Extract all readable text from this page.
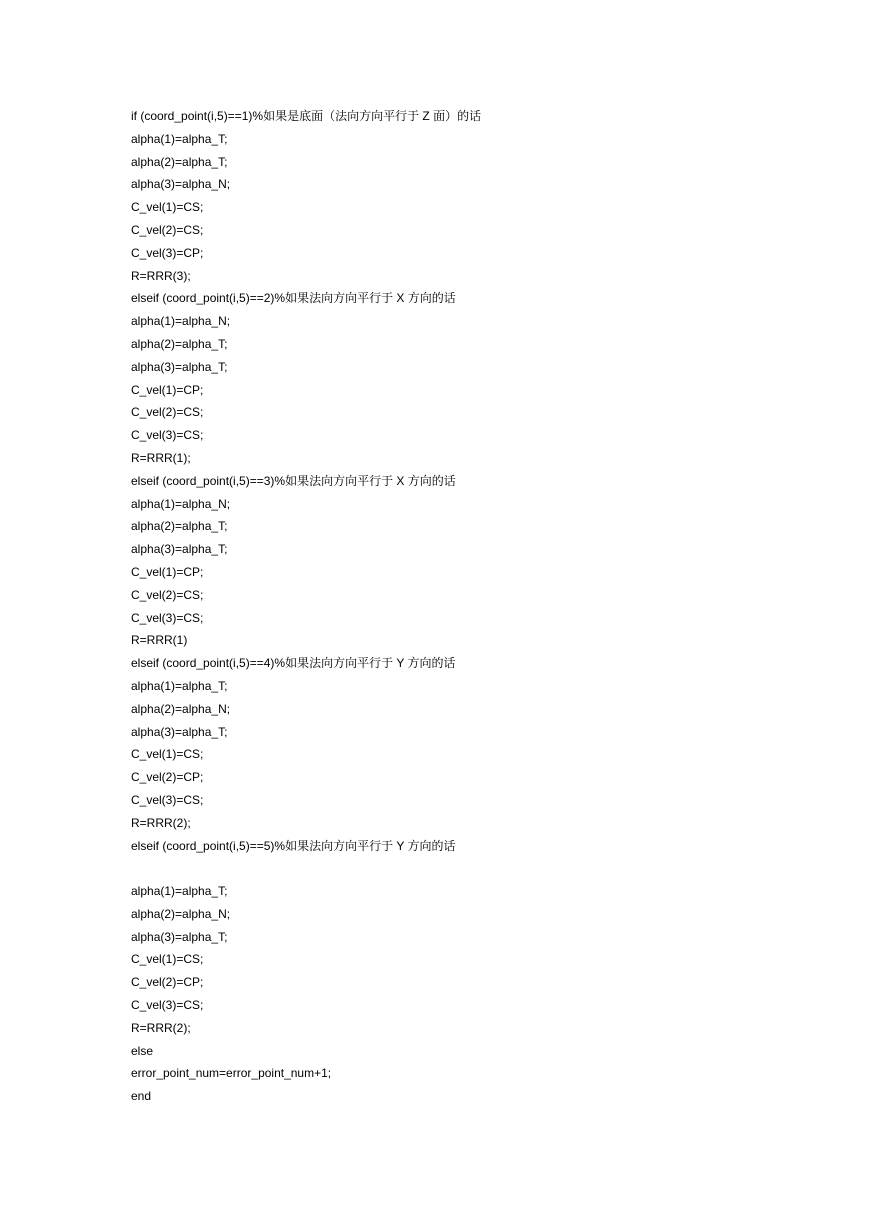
if (coord_point(i,5)==1)%如果是底面（法向方向平行于 Z 面）的话
alpha(1)=alpha_T;
alpha(2)=alpha_T;
alpha(3)=alpha_N;
C_vel(1)=CS;
C_vel(2)=CS;
C_vel(3)=CP;
R=RRR(3);
elseif (coord_point(i,5)==2)%如果法向方向平行于 X 方向的话
alpha(1)=alpha_N;
alpha(2)=alpha_T;
alpha(3)=alpha_T;
C_vel(1)=CP;
C_vel(2)=CS;
C_vel(3)=CS;
R=RRR(1);
elseif (coord_point(i,5)==3)%如果法向方向平行于 X 方向的话
alpha(1)=alpha_N;
alpha(2)=alpha_T;
alpha(3)=alpha_T;
C_vel(1)=CP;
C_vel(2)=CS;
C_vel(3)=CS;
R=RRR(1)
elseif (coord_point(i,5)==4)%如果法向方向平行于 Y 方向的话
alpha(1)=alpha_T;
alpha(2)=alpha_N;
alpha(3)=alpha_T;
C_vel(1)=CS;
C_vel(2)=CP;
C_vel(3)=CS;
R=RRR(2);
elseif (coord_point(i,5)==5)%如果法向方向平行于 Y 方向的话
alpha(1)=alpha_T;
alpha(2)=alpha_N;
alpha(3)=alpha_T;
C_vel(1)=CS;
C_vel(2)=CP;
C_vel(3)=CS;
R=RRR(2);
else
error_point_num=error_point_num+1;
end
